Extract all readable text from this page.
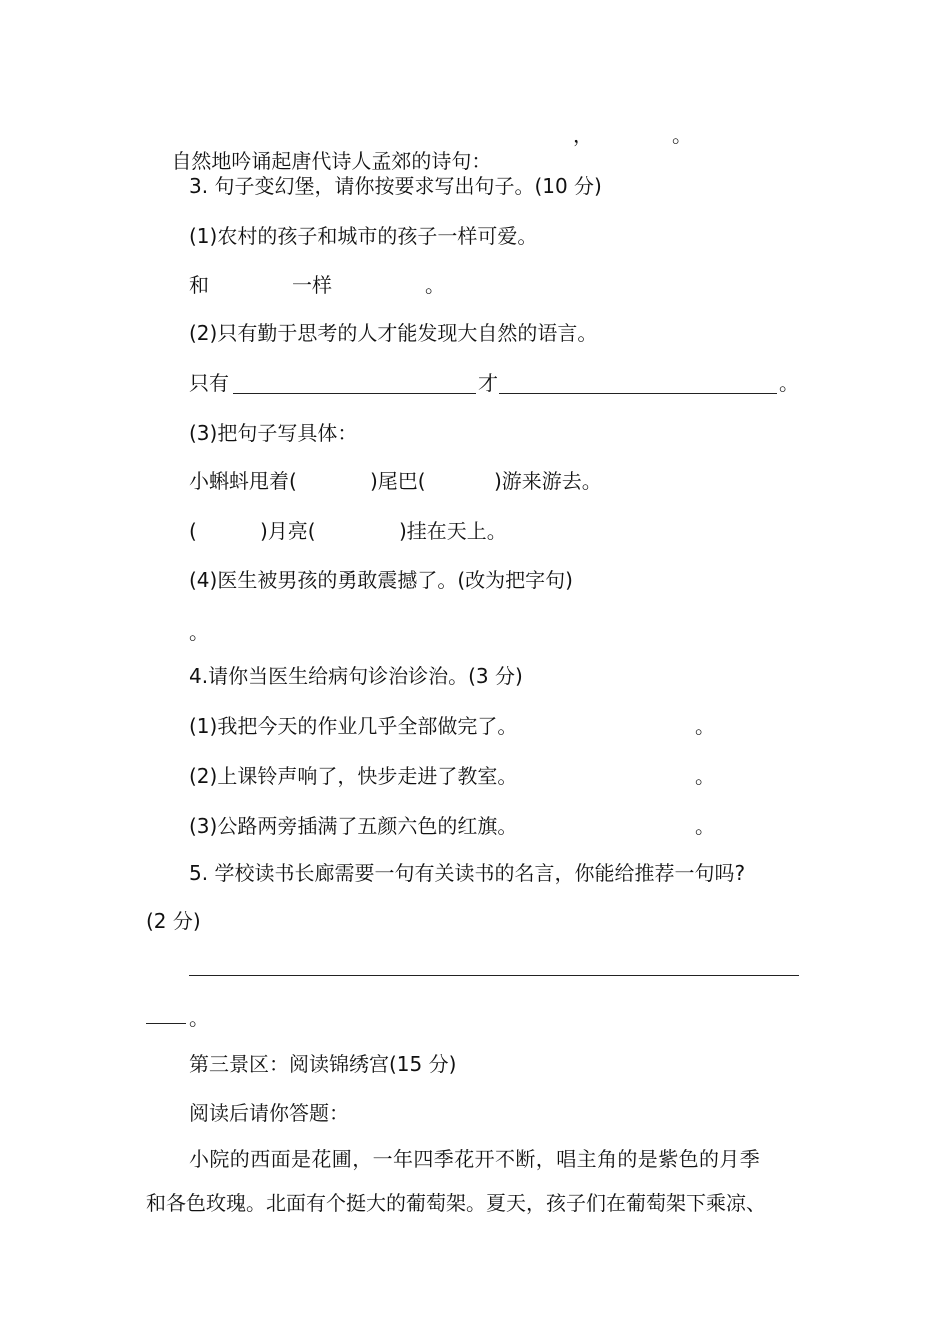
自然地吟诵起唐代诗人孟郊的诗句：

，	。
3. 句子变幻堡，请你按要求写出句子。(10 分)
(1)农村的孩子和城市的孩子一样可爱。
和	一样	。
(2)只有勤于思考的人才能发现大自然的语言。
只有	才	。
(3)把句子写具体：
小蝌蚪甩着(	)尾巴(	)游来游去。
(	)月亮(	)挂在天上。
(4)医生被男孩的勇敢震撼了。(改为把字句)
。
4.请你当医生给病句诊治诊治。(3 分)
(1)我把今天的作业几乎全部做完了。	。
(2)上课铃声响了，快步走进了教室。	。
(3)公路两旁插满了五颜六色的红旗。	。
5. 学校读书长廊需要一句有关读书的名言，你能给推荐一句吗?
(2 分)
。
第三景区：阅读锦绣宫(15 分)
阅读后请你答题：
小院的西面是花圃，一年四季花开不断，唱主角的是紫色的月季
和各色玫瑰。北面有个挺大的葡萄架。夏天，孩子们在葡萄架下乘凉、
